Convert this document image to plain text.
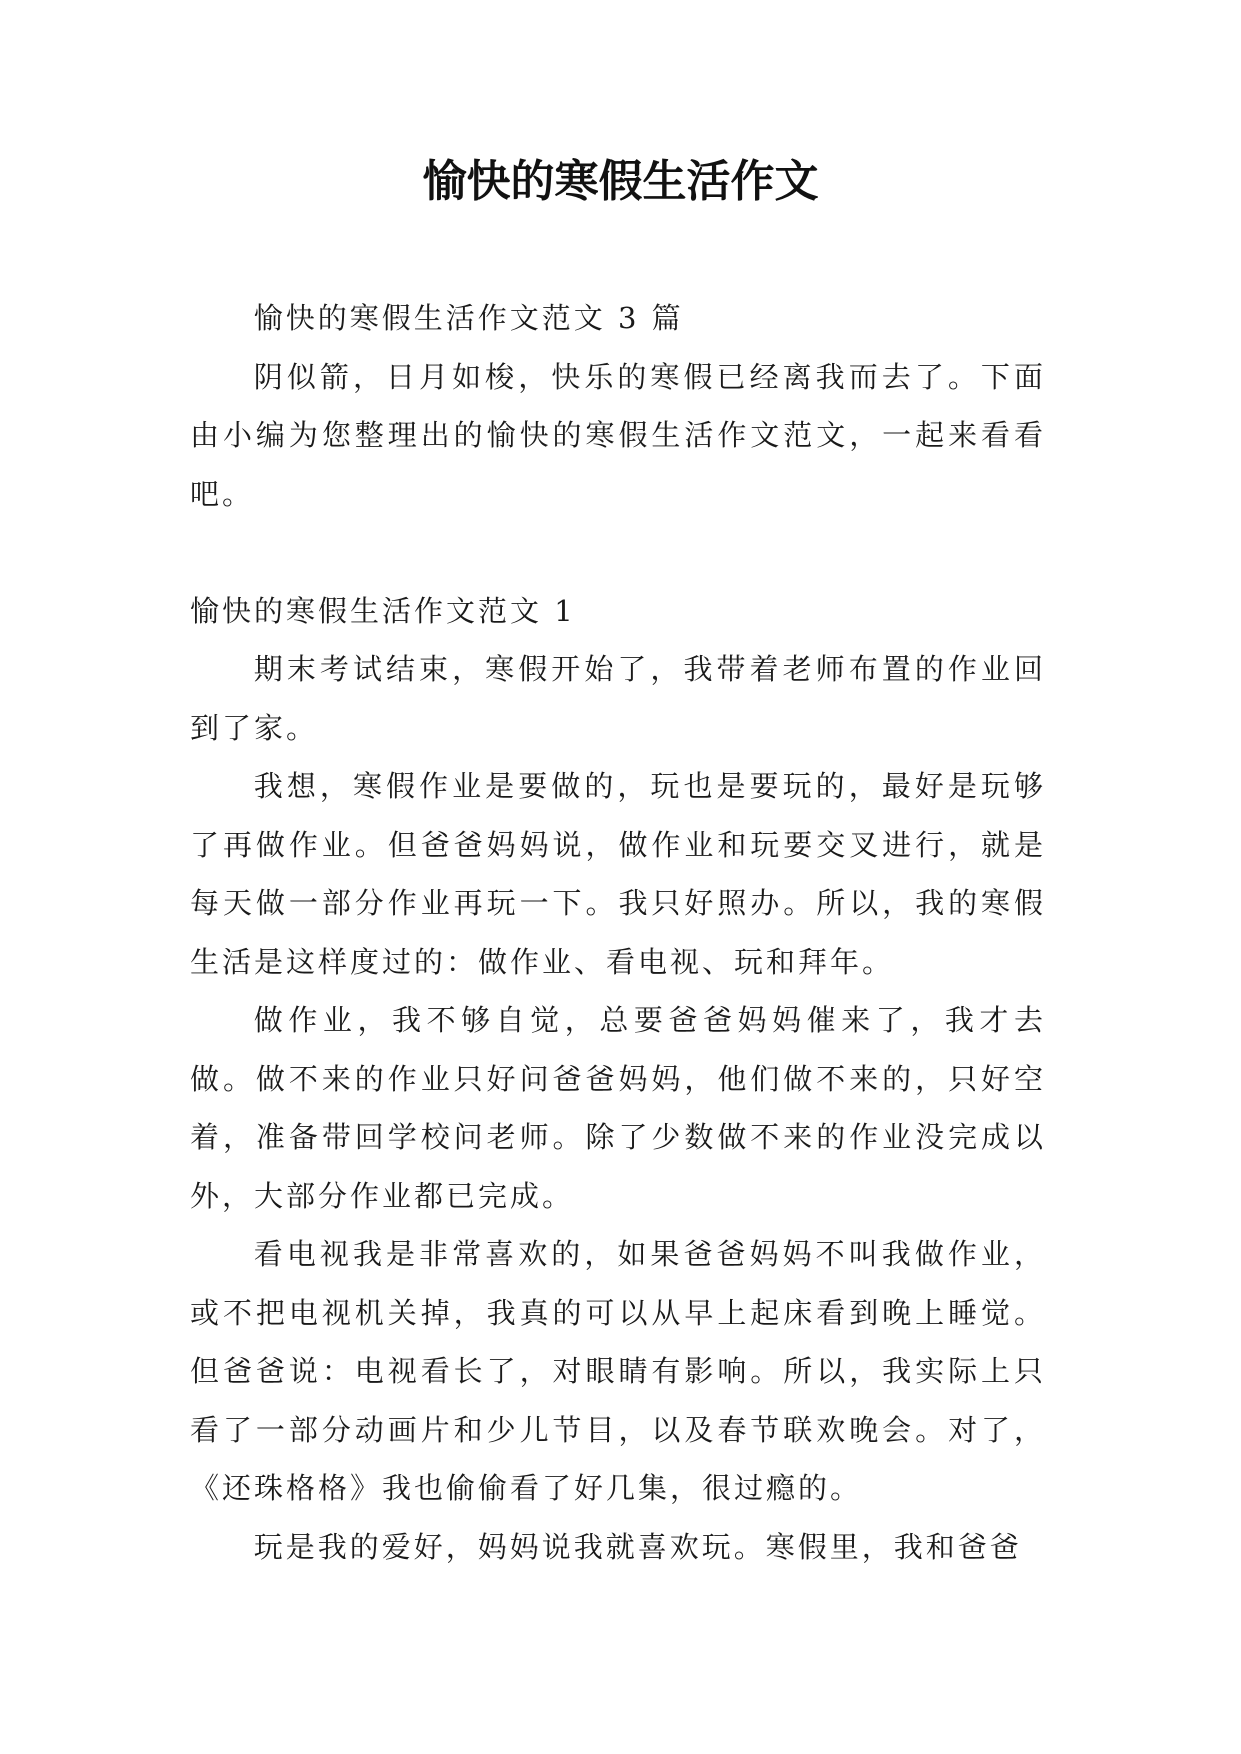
愉快的寒假生活作文

愉快的寒假生活作文范文 3 篇

阴似箭，日月如梭，快乐的寒假已经离我而去了。下面由小编为您整理出的愉快的寒假生活作文范文，一起来看看吧。

愉快的寒假生活作文范文 1

期末考试结束，寒假开始了，我带着老师布置的作业回到了家。

我想，寒假作业是要做的，玩也是要玩的，最好是玩够了再做作业。但爸爸妈妈说，做作业和玩要交叉进行，就是每天做一部分作业再玩一下。我只好照办。所以，我的寒假生活是这样度过的：做作业、看电视、玩和拜年。

做作业，我不够自觉，总要爸爸妈妈催来了，我才去做。做不来的作业只好问爸爸妈妈，他们做不来的，只好空着，准备带回学校问老师。除了少数做不来的作业没完成以外，大部分作业都已完成。

看电视我是非常喜欢的，如果爸爸妈妈不叫我做作业，或不把电视机关掉，我真的可以从早上起床看到晚上睡觉。但爸爸说：电视看长了，对眼睛有影响。所以，我实际上只看了一部分动画片和少儿节目，以及春节联欢晚会。对了，《还珠格格》我也偷偷看了好几集，很过瘾的。

玩是我的爱好，妈妈说我就喜欢玩。寒假里，我和爸爸
